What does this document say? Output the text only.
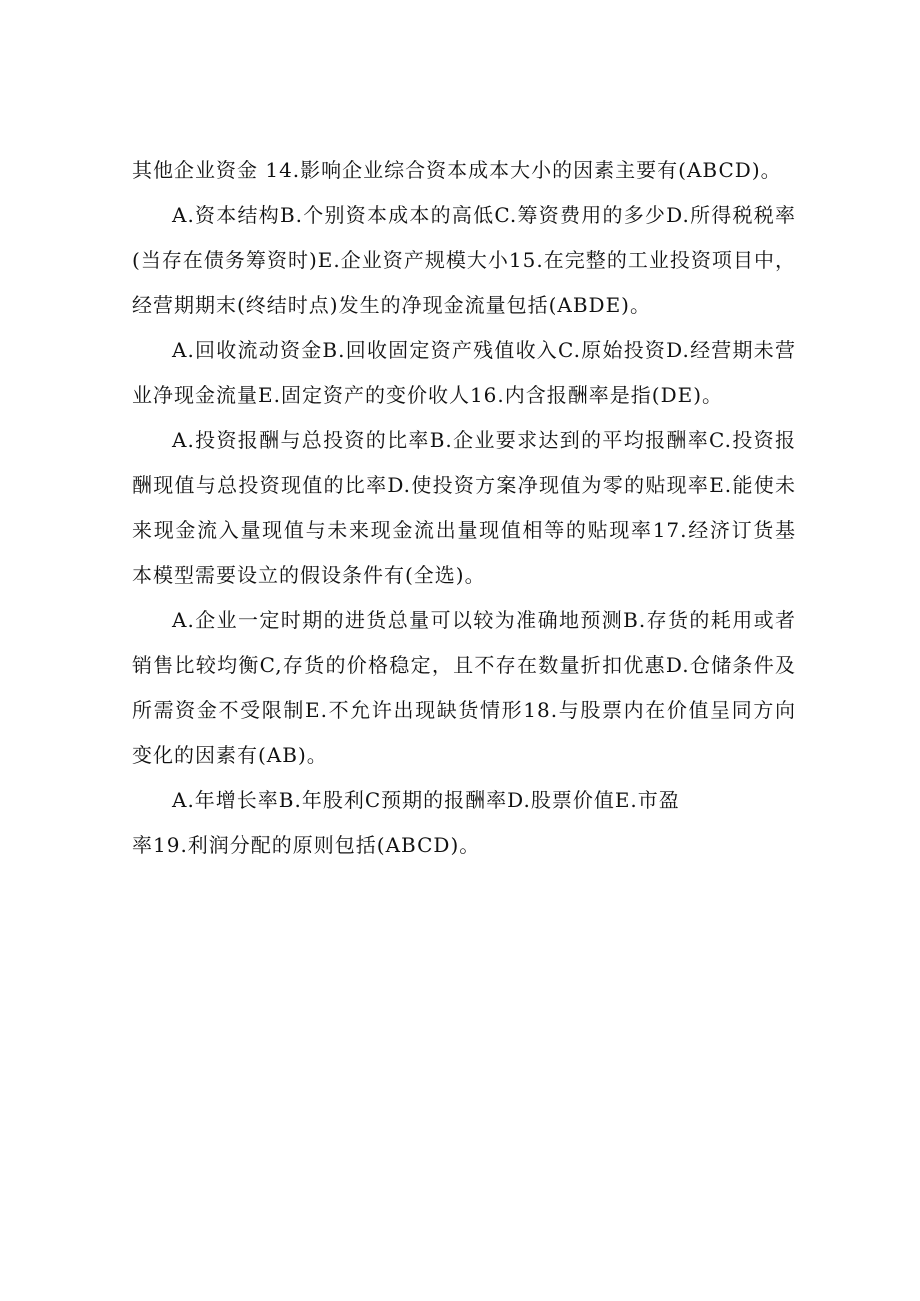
其他企业资金 14.影响企业综合资本成本大小的因素主要有(ABCD)。

A.资本结构B.个别资本成本的高低C.筹资费用的多少D.所得税税率(当存在债务筹资时)E.企业资产规模大小15.在完整的工业投资项目中，经营期期末(终结时点)发生的净现金流量包括(ABDE)。

A.回收流动资金B.回收固定资产残值收入C.原始投资D.经营期未营业净现金流量E.固定资产的变价收人16.内含报酬率是指(DE)。

A.投资报酬与总投资的比率B.企业要求达到的平均报酬率C.投资报酬现值与总投资现值的比率D.使投资方案净现值为零的贴现率E.能使未来现金流入量现值与未来现金流出量现值相等的贴现率17.经济订货基本模型需要设立的假设条件有(全选)。

A.企业一定时期的进货总量可以较为准确地预测B.存货的耗用或者销售比较均衡C,存货的价格稳定，且不存在数量折扣优惠D.仓储条件及所需资金不受限制E.不允许出现缺货情形18.与股票内在价值呈同方向变化的因素有(AB)。

A.年增长率B.年股利C预期的报酬率D.股票价值E.市盈

率19.利润分配的原则包括(ABCD)。
